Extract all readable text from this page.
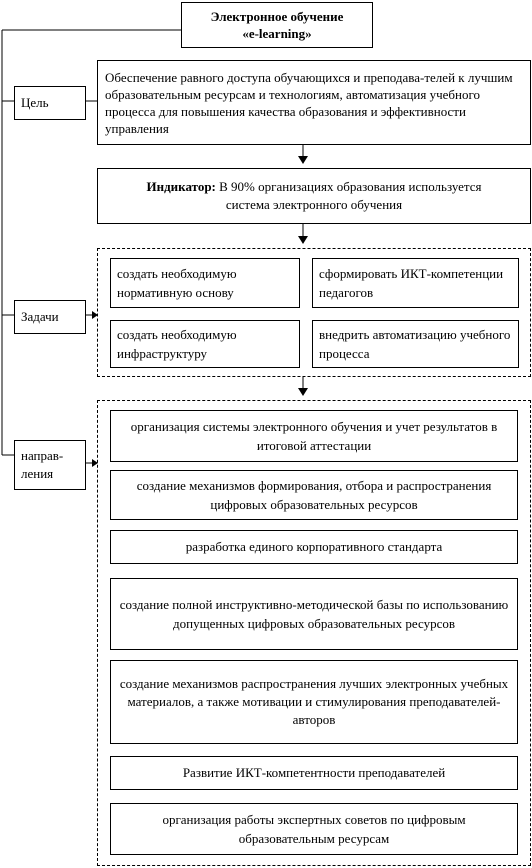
Электронное обучение
«e-learning»
Цель
Задачи
направ-
ления
Обеспечение равного доступа обучающихся и преподава-телей к лучшим образовательным ресурсам и технологиям, автоматизация учебного процесса для повышения качества образования и эффективности управления
Индикатор: В 90% организациях образования используется система электронного обучения
создать необходимую нормативную основу
сформировать ИКТ-компетенции педагогов
создать необходимую инфраструктуру
внедрить автоматизацию учебного процесса
организация системы электронного обучения и учет результатов в итоговой аттестации
создание механизмов формирования, отбора и распространения цифровых образовательных ресурсов
разработка единого корпоративного стандарта
создание полной инструктивно-методической базы по использованию допущенных цифровых образовательных ресурсов
создание механизмов распространения лучших электронных учебных материалов, а также мотивации и стимулирования преподавателей-авторов
Развитие ИКТ-компетентности преподавателей
организация работы экспертных советов по цифровым образовательным ресурсам
